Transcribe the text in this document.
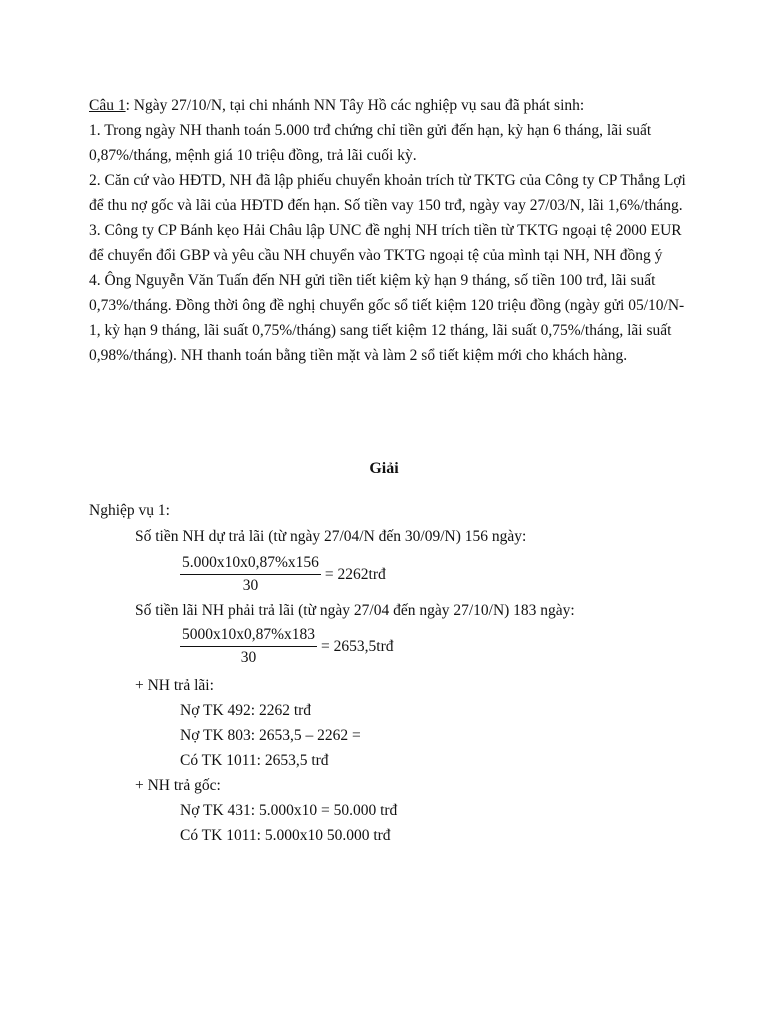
Câu 1: Ngày 27/10/N, tại chi nhánh NN Tây Hồ các nghiệp vụ sau đã phát sinh:

1. Trong ngày NH thanh toán 5.000 trđ chứng chỉ tiền gửi đến hạn, kỳ hạn 6 tháng, lãi suất 0,87%/tháng, mệnh giá 10 triệu đồng, trả lãi cuối kỳ.

2. Căn cứ vào HĐTD, NH đã lập phiếu chuyển khoản trích từ TKTG của Công ty CP Thắng Lợi để thu nợ gốc và lãi của HĐTD đến hạn. Số tiền vay 150 trđ, ngày vay 27/03/N, lãi 1,6%/tháng.

3. Công ty CP Bánh kẹo Hải Châu lập UNC đề nghị NH trích tiền từ TKTG ngoại tệ 2000 EUR để chuyển đổi GBP và yêu cầu NH chuyển vào TKTG ngoại tệ của mình tại NH, NH đồng ý

4. Ông Nguyễn Văn Tuấn đến NH gửi tiền tiết kiệm kỳ hạn 9 tháng, số tiền 100 trđ, lãi suất 0,73%/tháng. Đồng thời ông đề nghị chuyển gốc sổ tiết kiệm 120 triệu đồng (ngày gửi 05/10/N-1, kỳ hạn 9 tháng, lãi suất 0,75%/tháng) sang tiết kiệm 12 tháng, lãi suất 0,75%/tháng, lãi suất 0,98%/tháng). NH thanh toán bằng tiền mặt và làm 2 sổ tiết kiệm mới cho khách hàng.

Giải
Nghiệp vụ 1:
Số tiền NH dự trả lãi (từ ngày 27/04/N đến 30/09/N) 156 ngày:
$\frac{5.000x10x0,87\%x156}{30}$ = 2262trđ
Số tiền lãi NH phải trả lãi (từ ngày 27/04 đến ngày 27/10/N) 183 ngày:
$\frac{5000x10x0,87\%x183}{30}$ = 2653,5trđ
+ NH trả lãi:
Nợ TK 492: 2262 trđ
Nợ TK 803: 2653,5 – 2262 =
Có TK 1011: 2653,5 trđ
+ NH trả gốc:
Nợ TK 431: 5.000x10 = 50.000 trđ
Có TK 1011: 5.000x10 50.000 trđ
